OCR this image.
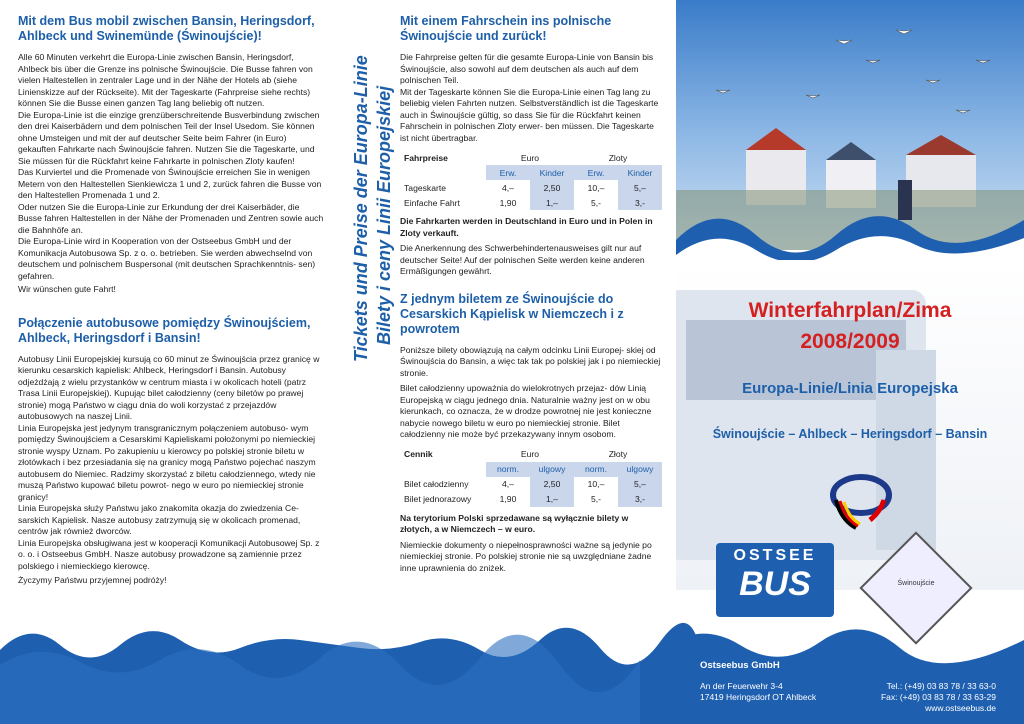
Mit dem Bus mobil zwischen Bansin, Heringsdorf, Ahlbeck und Swinemünde (Świnoujście)!

Alle 60 Minuten verkehrt die Europa-Linie zwischen Bansin, Heringsdorf, Ahlbeck bis über die Grenze ins polnische Świnoujście. Die Busse fahren von vielen Haltestellen in zentraler Lage und in der Nähe der Hotels ab (siehe Linienskizze auf der Rückseite). Mit der Tageskarte (Fahrpreise siehe rechts) können Sie die Busse einen ganzen Tag lang beliebig oft nutzen.

Die Europa-Linie ist die einzige grenzüberschreitende Busverbindung zwischen den drei Kaiserbädern und dem polnischen Teil der Insel Usedom. Sie können ohne Umsteigen und mit der auf deutscher Seite beim Fahrer (in Euro) gekauften Fahrkarte nach Świnoujście fahren. Nutzen Sie die Tageskarte, und Sie müssen für die Rückfahrt keine Fahrkarte in polnischen Zloty kaufen!

Das Kurviertel und die Promenade von Świnoujście erreichen Sie in wenigen Metern von den Haltestellen Sienkiewicza 1 und 2, zurück fahren die Busse von den Haltestellen Promenada 1 und 2.

Oder nutzen Sie die Europa-Linie zur Erkundung der drei Kaiserbäder, die Busse fahren Haltestellen in der Nähe der Promenaden und Zentren sowie auch die Bahnhöfe an.

Die Europa-Linie wird in Kooperation von der Ostseebus GmbH und der Komunikacja Autobusowa Sp. z o. o. betrieben. Sie werden abwechselnd von deutschem und polnischem Buspersonal (mit deutschen Sprachkenntnis- sen) gefahren.

Wir wünschen gute Fahrt!

Połączenie autobusowe pomiędzy Świnoujściem, Ahlbeck, Heringsdorf i Bansin!

Autobusy Linii Europejskiej kursują co 60 minut ze Świnoujścia przez granicę w kierunku cesarskich kąpielisk: Ahlbeck, Heringsdorf i Bansin. Autobusy odjeżdżają z wielu przystanków w centrum miasta i w okolicach hoteli (patrz Trasa Linii Europejskiej). Kupując bilet całodzienny (ceny biletów po prawej stronie) mogą Państwo w ciągu dnia do woli korzystać z przejazdów autobusowych na naszej Linii.

Linia Europejska jest jedynym transgranicznym połączeniem autobuso- wym pomiędzy Świnoujściem a Cesarskimi Kąpieliskami położonymi po niemieckiej stronie wyspy Uznam. Po zakupieniu u kierowcy po polskiej stronie biletu w złotówkach i bez przesiadania się na granicy mogą Państwo pojechać naszym autobusem do Niemiec. Radzimy skorzystać z biletu całodziennego, wtedy nie muszą Państwo kupować biletu powrot- nego w euro po niemieckiej stronie granicy!

Linia Europejska służy Państwu jako znakomita okazja do zwiedzenia Ce- sarskich Kąpielisk. Nasze autobusy zatrzymują się w okolicach promenad, centrów jak również dworców.

Linia Europejska obsługiwana jest w kooperacji Komunikacji Autobusowej Sp. z o. o. i Ostseebus GmbH. Nasze autobusy prowadzone są zamiennie przez polskiego i niemieckiego kierowcę.

Życzymy Państwu przyjemnej podróży!

Tickets und Preise der Europa-Linie Bilety i ceny Linii Europejskiej
Mit einem Fahrschein ins polnische Świnoujście und zurück!

Die Fahrpreise gelten für die gesamte Europa-Linie von Bansin bis Świnoujście, also sowohl auf dem deutschen als auch auf dem polnischen Teil.

Mit der Tageskarte können Sie die Europa-Linie einen Tag lang zu beliebig vielen Fahrten nutzen. Selbstverständlich ist die Tageskarte auch in Świnoujście gültig, so dass Sie für die Rückfahrt keinen Fahrschein in polnischen Zloty erwer- ben müssen. Die Tageskarte ist nicht übertragbar.

Fahrpreise	Euro		Zloty	
	Erw.	Kinder	Erw.	Kinder
Tageskarte	4,–	2,50	10,–	5,–
Einfache Fahrt	1,90	1,–	5,-	3,-

Die Fahrkarten werden in Deutschland in Euro und in Polen in Zloty verkauft.

Die Anerkennung des Schwerbehindertenausweises gilt nur auf deutscher Seite! Auf der polnischen Seite werden keine anderen Ermäßigungen gewährt.

Z jednym biletem ze Świnoujście do Cesarskich Kąpielisk w Niemczech i z powrotem

Poniższe bilety obowiązują na całym odcinku Linii Europej- skiej od Świnoujścia do Bansin, a więc tak tak po polskiej jak i po niemieckiej stronie.

Bilet całodzienny upoważnia do wielokrotnych przejaz- dów Linią Europejską w ciągu jednego dnia. Naturalnie ważny jest on w obu kierunkach, co oznacza, że w drodze powrotnej nie jest konieczne nabycie nowego biletu w euro po niemieckiej stronie. Bilet całodzienny nie może być przekazywany innym osobom.

Cennik	Euro		Złoty	
	norm.	ulgowy	norm.	ulgowy
Bilet całodzienny	4,–	2,50	10,–	5,–
Bilet jednorazowy	1,90	1,–	5,-	3,-

Na terytorium Polski sprzedawane są wyłącznie bilety w złotych, a w Niemczech – w euro.

Niemieckie dokumenty o niepełnosprawności ważne są jedynie po niemieckiej stronie. Po polskiej stronie nie są uwzględniane żadne inne uprawnienia do zniżek.

Winterfahrplan/Zima
2008/2009
Europa-Linie/Linia Europejska
Świnoujście – Ahlbeck – Heringsdorf – Bansin
OSTSEE
BUS	Świnoujście
Ostseebus GmbH
An der Feuerwehr 3-4
17419 Heringsdorf OT Ahlbeck
Tel.: (+49) 03 83 78 / 33 63-0
Fax: (+49) 03 83 78 / 33 63-29
www.ostseebus.de
